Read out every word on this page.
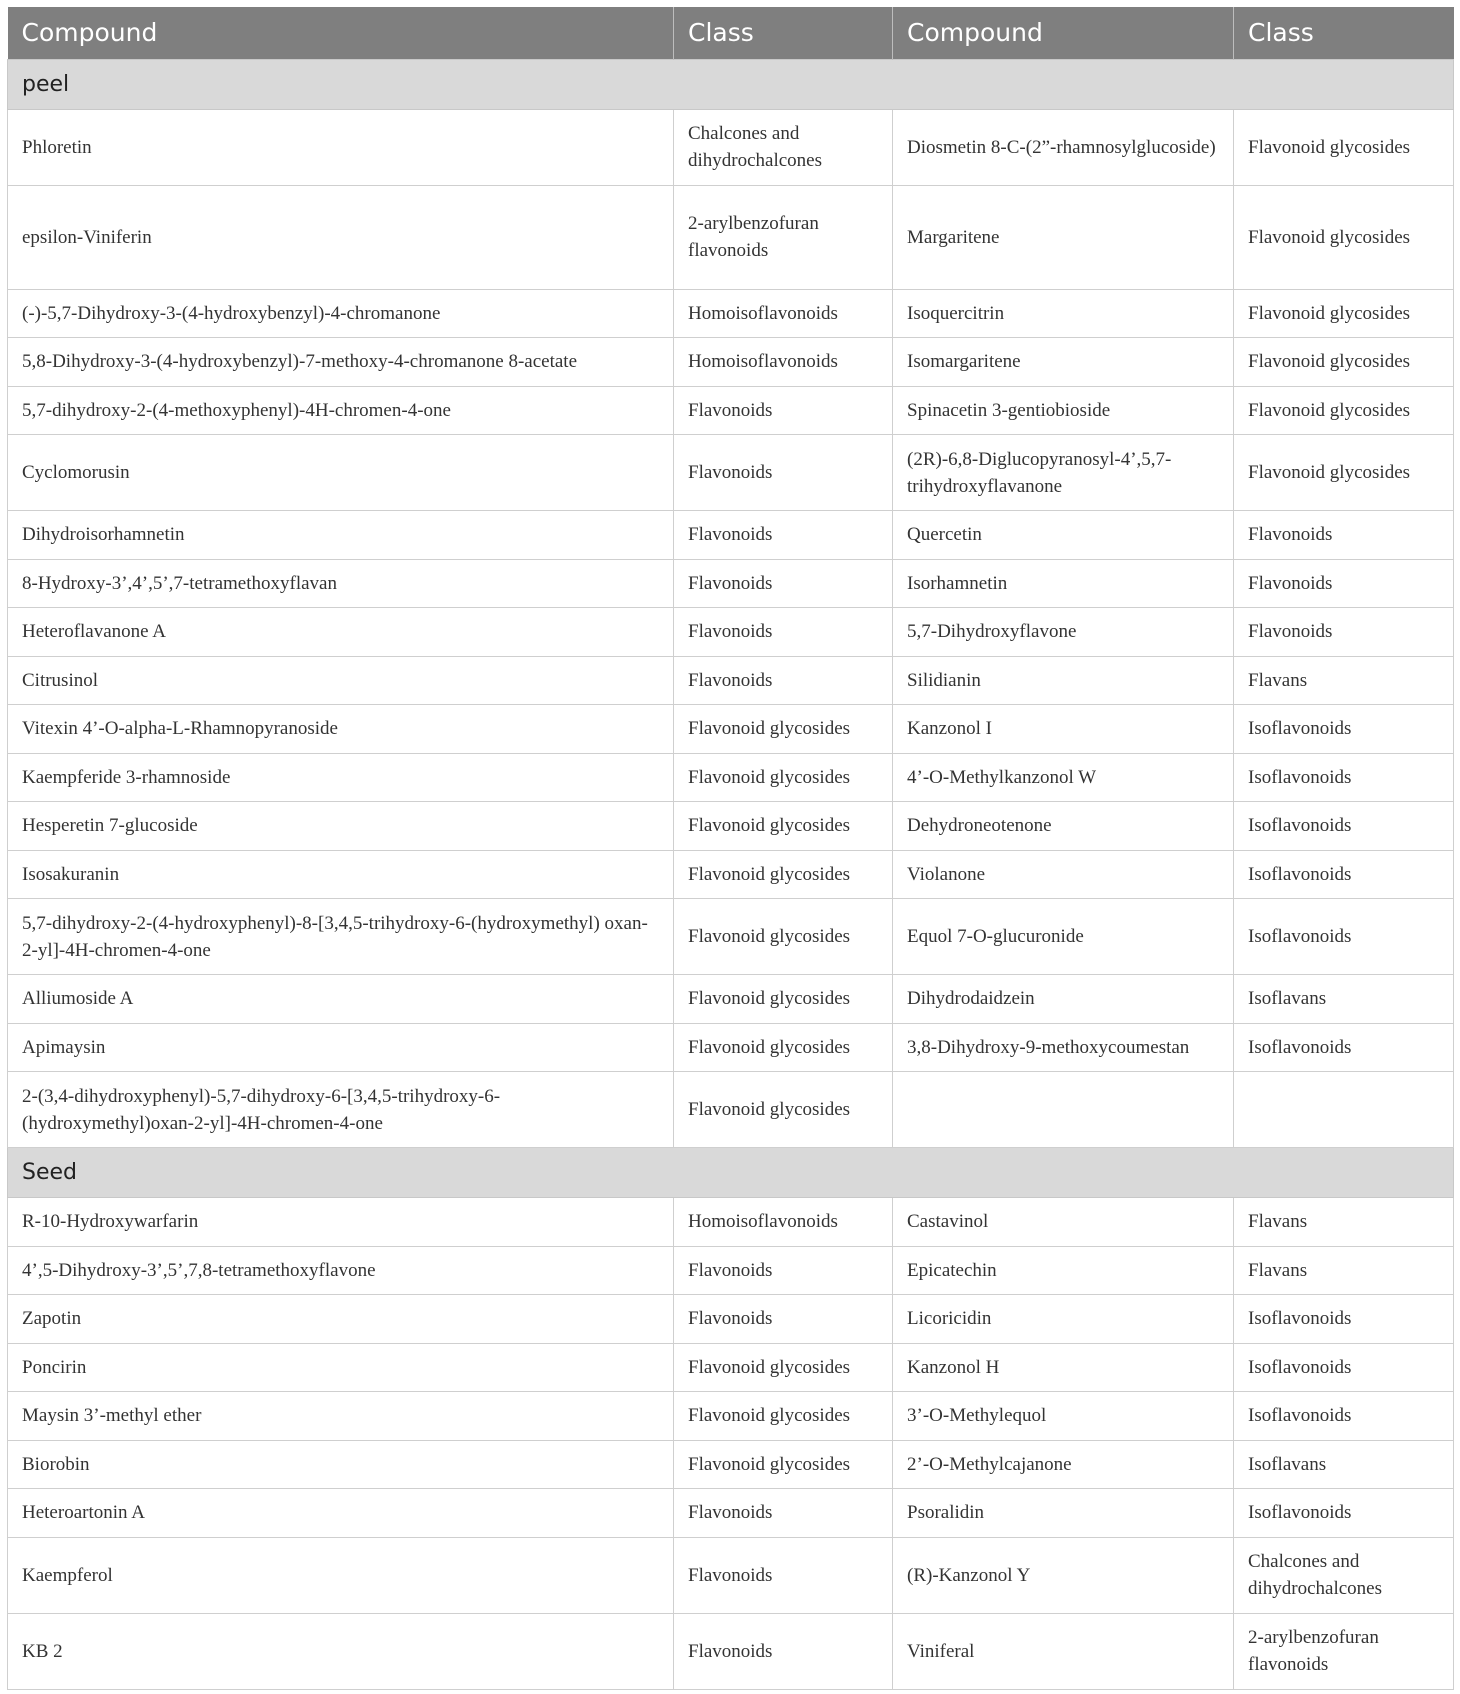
Compound	Class	Compound	Class
peel			
Phloretin	Chalcones and dihydrochalcones	Diosmetin 8-C-(2”-rhamnosylglucoside)	Flavonoid glycosides
epsilon-Viniferin	2-arylbenzofuran flavonoids	Margaritene	Flavonoid glycosides
(-)-5,7-Dihydroxy-3-(4-hydroxybenzyl)-4-chromanone	Homoisoflavonoids	Isoquercitrin	Flavonoid glycosides
5,8-Dihydroxy-3-(4-hydroxybenzyl)-7-methoxy-4-chromanone 8-acetate	Homoisoflavonoids	Isomargaritene	Flavonoid glycosides
5,7-dihydroxy-2-(4-methoxyphenyl)-4H-chromen-4-one	Flavonoids	Spinacetin 3-gentiobioside	Flavonoid glycosides
Cyclomorusin	Flavonoids	(2R)-6,8-Diglucopyranosyl-4’,5,7-trihydroxyflavanone	Flavonoid glycosides
Dihydroisorhamnetin	Flavonoids	Quercetin	Flavonoids
8-Hydroxy-3’,4’,5’,7-tetramethoxyflavan	Flavonoids	Isorhamnetin	Flavonoids
Heteroflavanone A	Flavonoids	5,7-Dihydroxyflavone	Flavonoids
Citrusinol	Flavonoids	Silidianin	Flavans
Vitexin 4’-O-alpha-L-Rhamnopyranoside	Flavonoid glycosides	Kanzonol I	Isoflavonoids
Kaempferide 3-rhamnoside	Flavonoid glycosides	4’-O-Methylkanzonol W	Isoflavonoids
Hesperetin 7-glucoside	Flavonoid glycosides	Dehydroneotenone	Isoflavonoids
Isosakuranin	Flavonoid glycosides	Violanone	Isoflavonoids
5,7-dihydroxy-2-(4-hydroxyphenyl)-8-[3,4,5-trihydroxy-6-(hydroxymethyl) oxan-2-yl]-4H-chromen-4-one	Flavonoid glycosides	Equol 7-O-glucuronide	Isoflavonoids
Alliumoside A	Flavonoid glycosides	Dihydrodaidzein	Isoflavans
Apimaysin	Flavonoid glycosides	3,8-Dihydroxy-9-methoxycoumestan	Isoflavonoids
2-(3,4-dihydroxyphenyl)-5,7-dihydroxy-6-[3,4,5-trihydroxy-6-(hydroxymethyl)oxan-2-yl]-4H-chromen-4-one	Flavonoid glycosides		
Seed			
R-10-Hydroxywarfarin	Homoisoflavonoids	Castavinol	Flavans
4’,5-Dihydroxy-3’,5’,7,8-tetramethoxyflavone	Flavonoids	Epicatechin	Flavans
Zapotin	Flavonoids	Licoricidin	Isoflavonoids
Poncirin	Flavonoid glycosides	Kanzonol H	Isoflavonoids
Maysin 3’-methyl ether	Flavonoid glycosides	3’-O-Methylequol	Isoflavonoids
Biorobin	Flavonoid glycosides	2’-O-Methylcajanone	Isoflavans
Heteroartonin A	Flavonoids	Psoralidin	Isoflavonoids
Kaempferol	Flavonoids	(R)-Kanzonol Y	Chalcones and dihydrochalcones
KB 2	Flavonoids	Viniferal	2-arylbenzofuran flavonoids
